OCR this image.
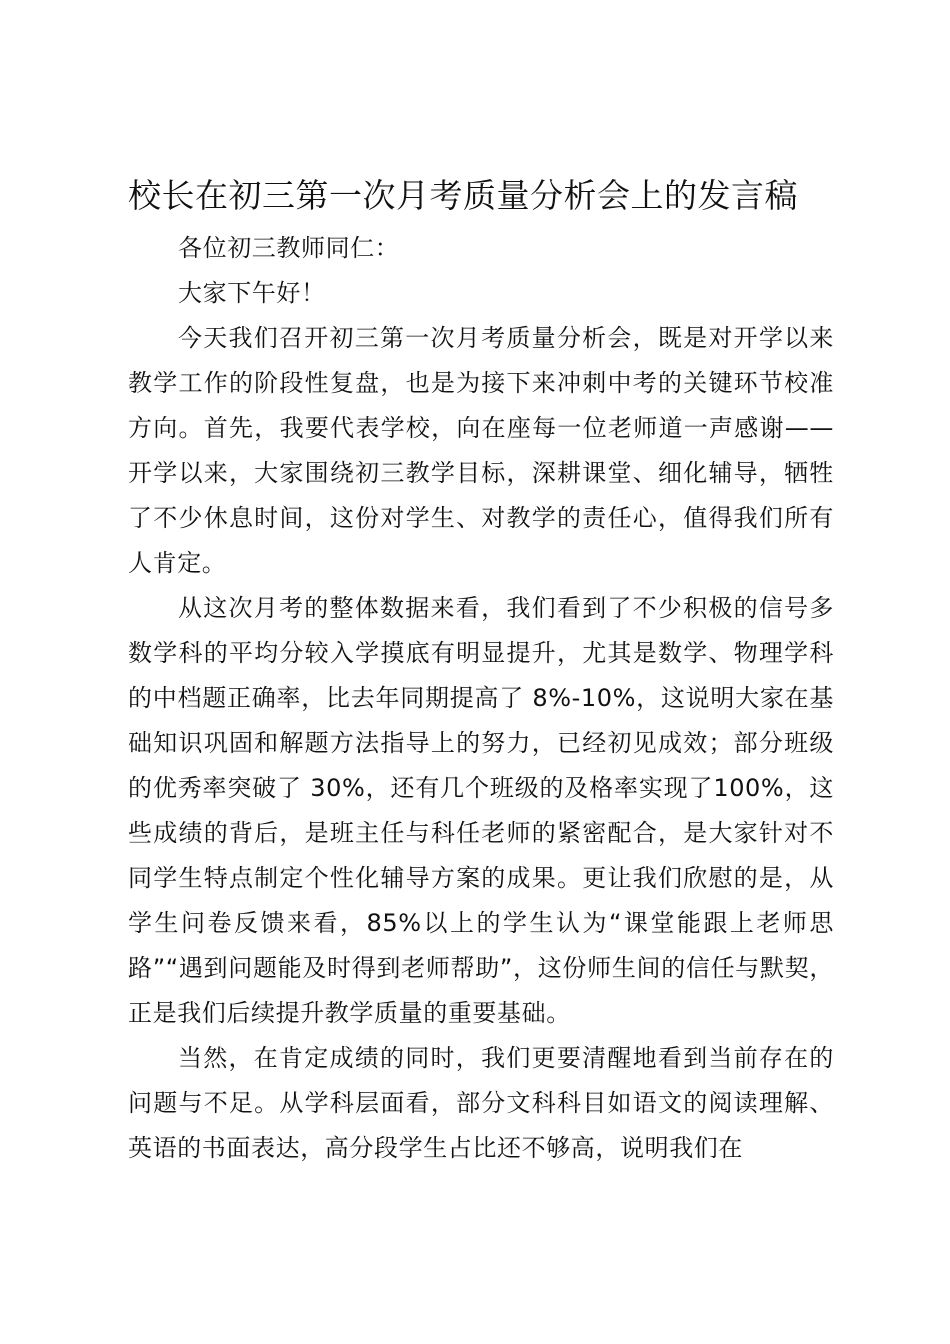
校长在初三第一次月考质量分析会上的发言稿

各位初三教师同仁：

大家下午好！

今天我们召开初三第一次月考质量分析会，既是对开学以来教学工作的阶段性复盘，也是为接下来冲刺中考的关键环节校准方向。首先，我要代表学校，向在座每一位老师道一声感谢——开学以来，大家围绕初三教学目标，深耕课堂、细化辅导，牺牲了不少休息时间，这份对学生、对教学的责任心，值得我们所有人肯定。

从这次月考的整体数据来看，我们看到了不少积极的信号多数学科的平均分较入学摸底有明显提升，尤其是数学、物理学科的中档题正确率，比去年同期提高了 8%-10%，这说明大家在基础知识巩固和解题方法指导上的努力，已经初见成效；部分班级的优秀率突破了 30%，还有几个班级的及格率实现了100%，这些成绩的背后，是班主任与科任老师的紧密配合，是大家针对不同学生特点制定个性化辅导方案的成果。更让我们欣慰的是，从学生问卷反馈来看，85%以上的学生认为“课堂能跟上老师思路”“遇到问题能及时得到老师帮助”，这份师生间的信任与默契，正是我们后续提升教学质量的重要基础。

当然，在肯定成绩的同时，我们更要清醒地看到当前存在的问题与不足。从学科层面看，部分文科科目如语文的阅读理解、英语的书面表达，高分段学生占比还不够高，说明我们在
